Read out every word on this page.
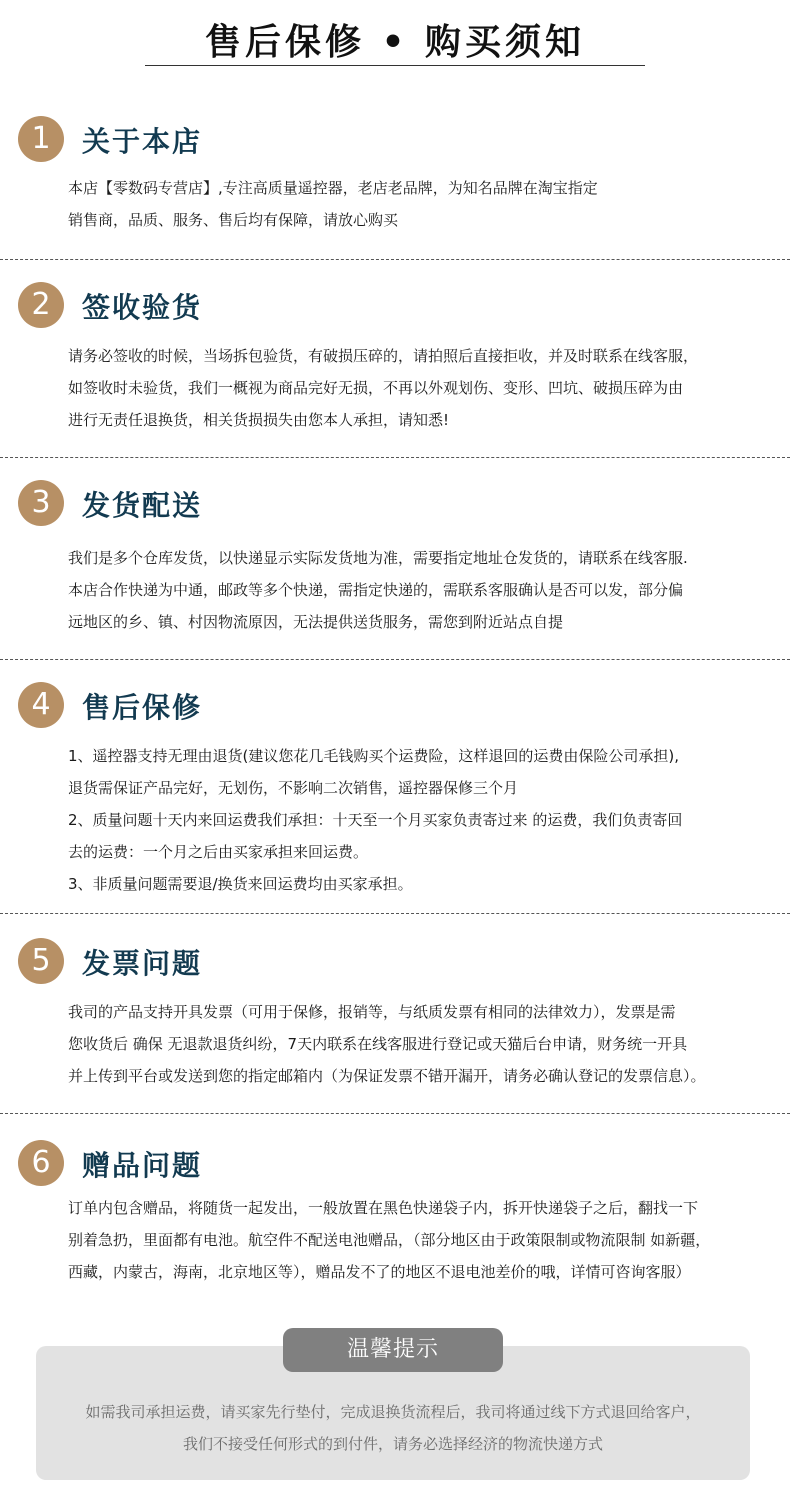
售后保修 • 购买须知
1	关于本店

本店【零数码专营店】,专注高质量遥控器，老店老品牌，为知名品牌在淘宝指定

销售商，品质、服务、售后均有保障，请放心购买

2	签收验货

请务必签收的时候，当场拆包验货，有破损压碎的，请拍照后直接拒收，并及时联系在线客服，

如签收时未验货，我们一概视为商品完好无损，不再以外观划伤、变形、凹坑、破损压碎为由

进行无责任退换货，相关货损损失由您本人承担，请知悉!

3	发货配送

我们是多个仓库发货，以快递显示实际发货地为准，需要指定地址仓发货的，请联系在线客服.

本店合作快递为中通，邮政等多个快递，需指定快递的，需联系客服确认是否可以发，部分偏

远地区的乡、镇、村因物流原因，无法提供送货服务，需您到附近站点自提

4	售后保修

1、遥控器支持无理由退货(建议您花几毛钱购买个运费险，这样退回的运费由保险公司承担),

退货需保证产品完好，无划伤，不影响二次销售，遥控器保修三个月

2、质量问题十天内来回运费我们承担：十天至一个月买家负责寄过来 的运费，我们负责寄回

去的运费：一个月之后由买家承担来回运费。

3、非质量问题需要退/换货来回运费均由买家承担。

5	发票问题

我司的产品支持开具发票（可用于保修，报销等，与纸质发票有相同的法律效力），发票是需

您收货后 确保 无退款退货纠纷，7天内联系在线客服进行登记或天猫后台申请，财务统一开具

并上传到平台或发送到您的指定邮箱内（为保证发票不错开漏开，请务必确认登记的发票信息）。

6	赠品问题

订单内包含赠品，将随货一起发出，一般放置在黑色快递袋子内，拆开快递袋子之后，翻找一下

别着急扔，里面都有电池。航空件不配送电池赠品，（部分地区由于政策限制或物流限制 如新疆，

西藏，内蒙古，海南，北京地区等），赠品发不了的地区不退电池差价的哦，详情可咨询客服）

温馨提示

如需我司承担运费，请买家先行垫付，完成退换货流程后，我司将通过线下方式退回给客户，

我们不接受任何形式的到付件，请务必选择经济的物流快递方式
